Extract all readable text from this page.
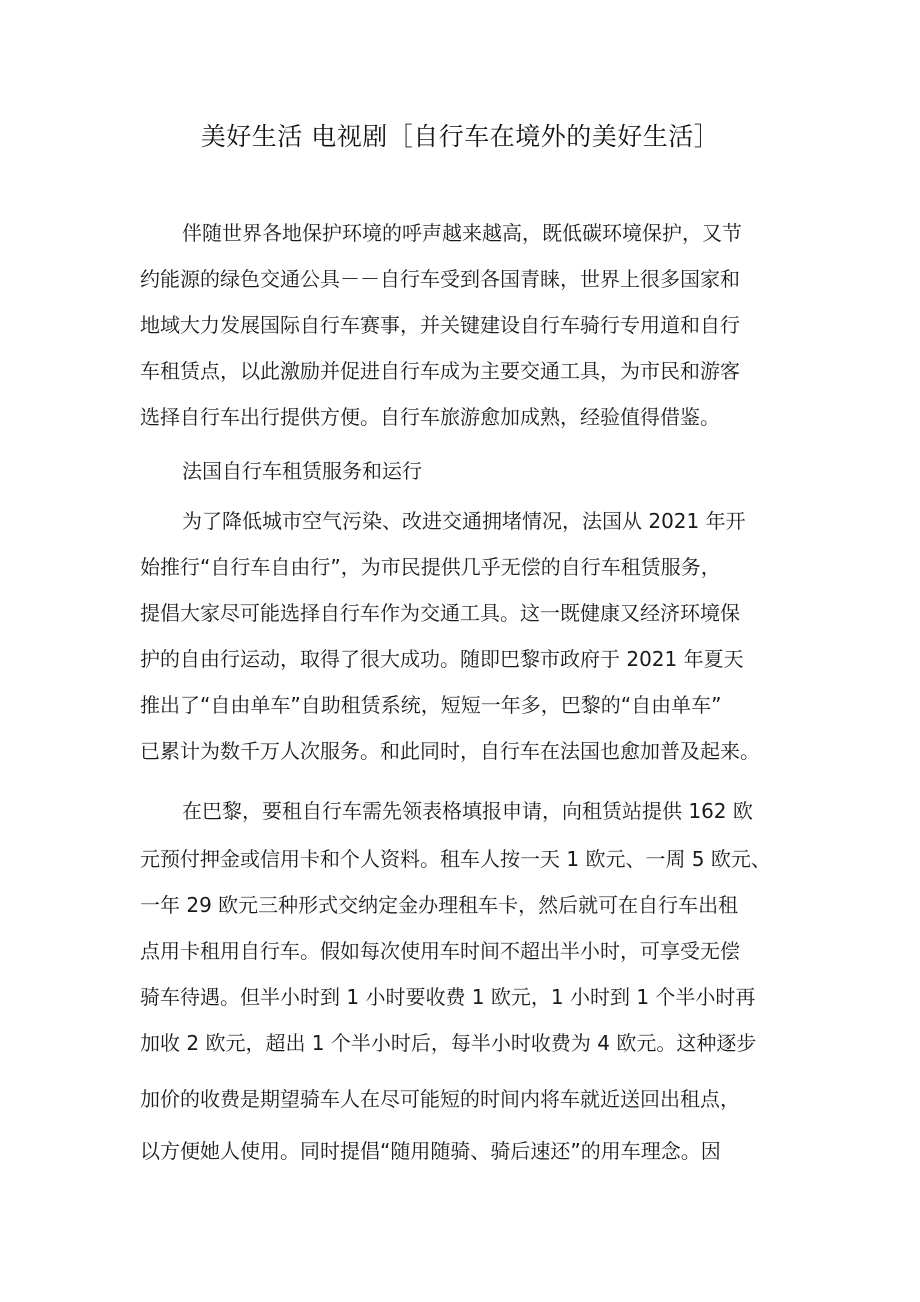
美好生活 电视剧［自行车在境外的美好生活］
伴随世界各地保护环境的呼声越来越高，既低碳环境保护，又节
约能源的绿色交通公具－－自行车受到各国青睐，世界上很多国家和
地域大力发展国际自行车赛事，并关键建设自行车骑行专用道和自行
车租赁点，以此激励并促进自行车成为主要交通工具，为市民和游客
选择自行车出行提供方便。自行车旅游愈加成熟，经验值得借鉴。
法国自行车租赁服务和运行
为了降低城市空气污染、改进交通拥堵情况，法国从 2021 年开
始推行“自行车自由行”，为市民提供几乎无偿的自行车租赁服务，
提倡大家尽可能选择自行车作为交通工具。这一既健康又经济环境保
护的自由行运动，取得了很大成功。随即巴黎市政府于 2021 年夏天
推出了“自由单车”自助租赁系统，短短一年多，巴黎的“自由单车”
已累计为数千万人次服务。和此同时，自行车在法国也愈加普及起来。
在巴黎，要租自行车需先领表格填报申请，向租赁站提供 162 欧
元预付押金或信用卡和个人资料。租车人按一天 1 欧元、一周 5 欧元、
一年 29 欧元三种形式交纳定金办理租车卡，然后就可在自行车出租
点用卡租用自行车。假如每次使用车时间不超出半小时，可享受无偿
骑车待遇。但半小时到 1 小时要收费 1 欧元，1 小时到 1 个半小时再
加收 2 欧元，超出 1 个半小时后，每半小时收费为 4 欧元。这种逐步
加价的收费是期望骑车人在尽可能短的时间内将车就近送回出租点，
以方便她人使用。同时提倡“随用随骑、骑后速还”的用车理念。因
